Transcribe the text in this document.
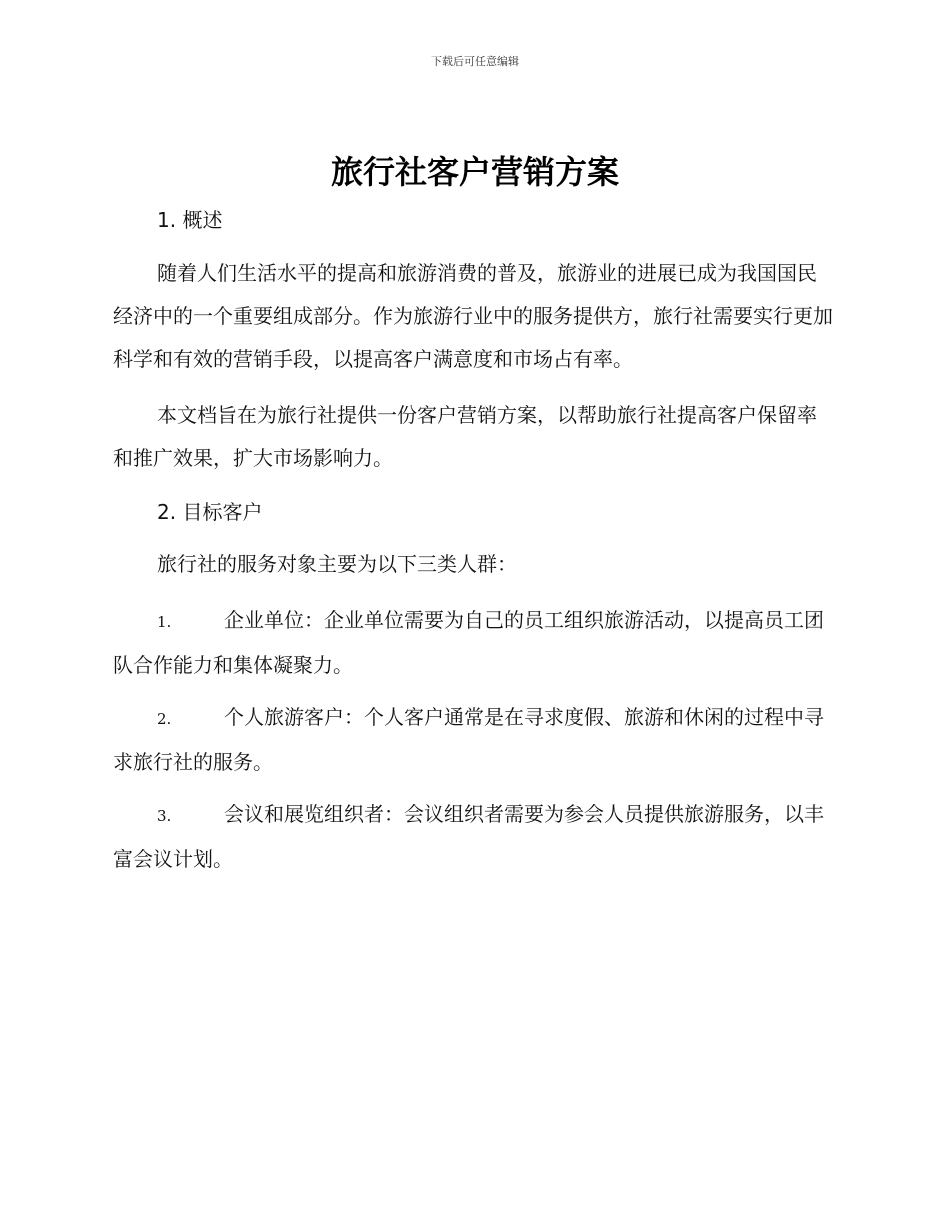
下载后可任意编辑
旅行社客户营销方案
1. 概述

随着人们生活水平的提高和旅游消费的普及，旅游业的进展已成为我国国民经济中的一个重要组成部分。作为旅游行业中的服务提供方，旅行社需要实行更加科学和有效的营销手段，以提高客户满意度和市场占有率。

本文档旨在为旅行社提供一份客户营销方案，以帮助旅行社提高客户保留率和推广效果，扩大市场影响力。

2. 目标客户

旅行社的服务对象主要为以下三类人群：

1.	企业单位：企业单位需要为自己的员工组织旅游活动，以提高员工团队合作能力和集体凝聚力。
2.	个人旅游客户：个人客户通常是在寻求度假、旅游和休闲的过程中寻求旅行社的服务。
3.	会议和展览组织者：会议组织者需要为参会人员提供旅游服务，以丰富会议计划。
